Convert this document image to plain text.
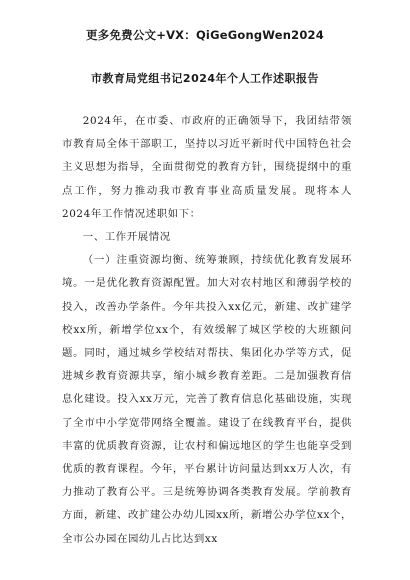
更多免费公文+VX：QiGeGongWen2024
市教育局党组书记2024年个人工作述职报告

2024年，在市委、市政府的正确领导下，我团结带领市教育局全体干部职工，坚持以习近平新时代中国特色社会主义思想为指导，全面贯彻党的教育方针，围绕提纲中的重点工作，努力推动我市教育事业高质量发展。现将本人2024年工作情况述职如下：

一、工作开展情况

（一）注重资源均衡、统筹兼顾，持续优化教育发展环境。一是优化教育资源配置。加大对农村地区和薄弱学校的投入，改善办学条件。今年共投入xx亿元，新建、改扩建学校xx所，新增学位xx个，有效缓解了城区学校的大班额问题。同时，通过城乡学校结对帮扶、集团化办学等方式，促进城乡教育资源共享，缩小城乡教育差距。二是加强教育信息化建设。投入xx万元，完善了教育信息化基础设施，实现了全市中小学宽带网络全覆盖。建设了在线教育平台，提供丰富的优质教育资源，让农村和偏远地区的学生也能享受到优质的教育课程。今年，平台累计访问量达到xx万人次，有力推动了教育公平。三是统筹协调各类教育发展。学前教育方面，新建、改扩建公办幼儿园xx所，新增公办学位xx个，全市公办园在园幼儿占比达到xx
